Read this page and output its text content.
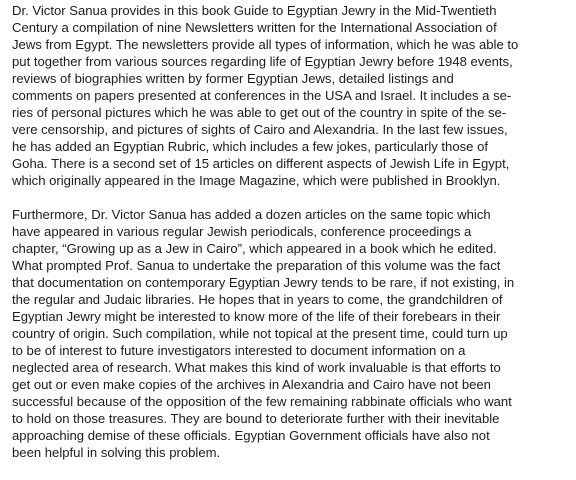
Dr. Victor Sanua provides in this book Guide to Egyptian Jewry in the Mid-Twentieth
Century a compilation of nine Newsletters written for the International Association of
Jews from Egypt. The newsletters provide all types of information, which he was able to
put together from various sources regarding life of Egyptian Jewry before 1948 events,
reviews of biographies written by former Egyptian Jews, detailed listings and
comments on papers presented at conferences in the USA and Israel. It includes a se-
ries of personal pictures which he was able to get out of the country in spite of the se-
vere censorship, and pictures of sights of Cairo and Alexandria. In the last few issues,
he has added an Egyptian Rubric, which includes a few jokes, particularly those of
Goha. There is a second set of 15 articles on different aspects of Jewish Life in Egypt,
which originally appeared in the Image Magazine, which were published in Brooklyn.

Furthermore, Dr. Victor Sanua has added a dozen articles on the same topic which
have appeared in various regular Jewish periodicals, conference proceedings a
chapter, “Growing up as a Jew in Cairo”, which appeared in a book which he edited.
What prompted Prof. Sanua to undertake the preparation of this volume was the fact
that documentation on contemporary Egyptian Jewry tends to be rare, if not existing, in
the regular and Judaic libraries. He hopes that in years to come, the grandchildren of
Egyptian Jewry might be interested to know more of the life of their forebears in their
country of origin. Such compilation, while not topical at the present time, could turn up
to be of interest to future investigators interested to document information on a
neglected area of research. What makes this kind of work invaluable is that efforts to
get out or even make copies of the archives in Alexandria and Cairo have not been
successful because of the opposition of the few remaining rabbinate officials who want
to hold on those treasures. They are bound to deteriorate further with their inevitable
approaching demise of these officials. Egyptian Government officials have also not
been helpful in solving this problem.
